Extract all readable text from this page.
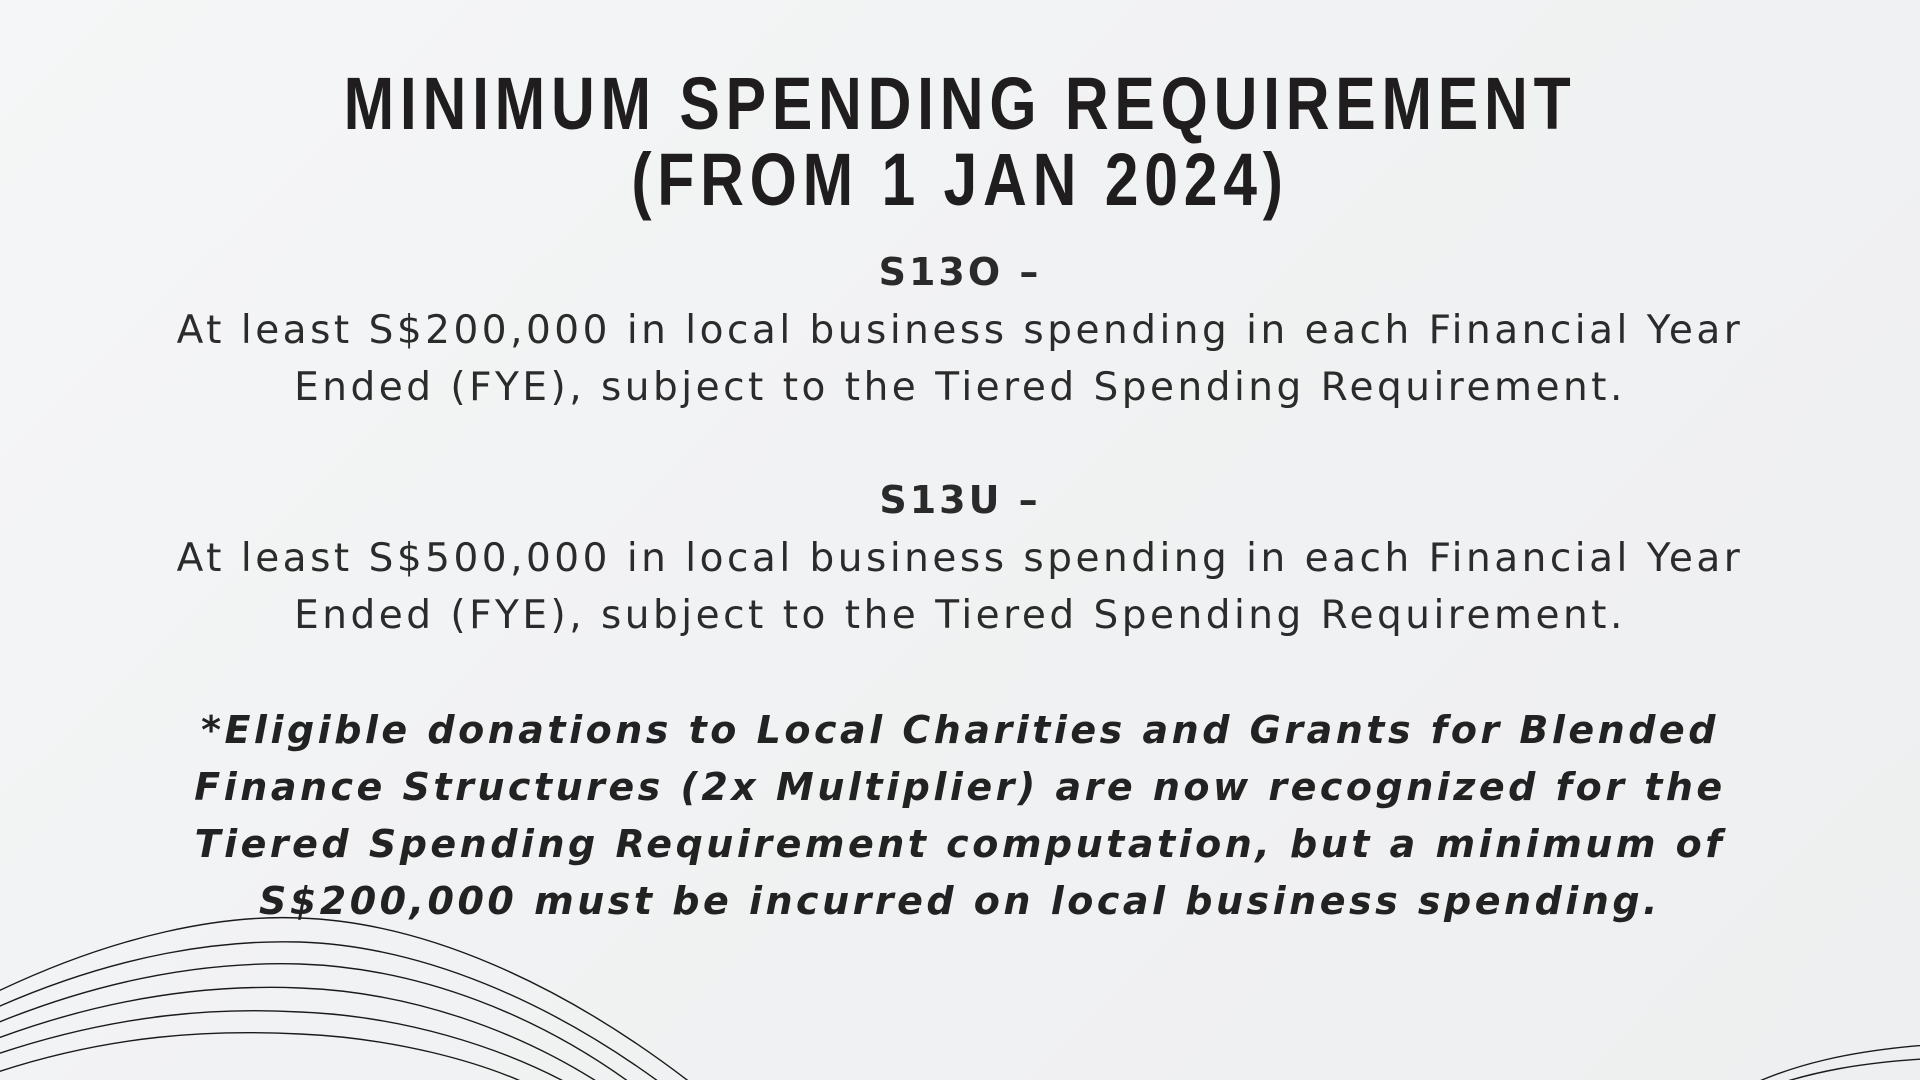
MINIMUM SPENDING REQUIREMENT
(FROM 1 JAN 2024)
S13O –
At least S$200,000 in local business spending in each Financial Year Ended (FYE), subject to the Tiered Spending Requirement.
S13U –
At least S$500,000 in local business spending in each Financial Year Ended (FYE), subject to the Tiered Spending Requirement.
*Eligible donations to Local Charities and Grants for Blended Finance Structures (2x Multiplier) are now recognized for the Tiered Spending Requirement computation, but a minimum of S$200,000 must be incurred on local business spending.
